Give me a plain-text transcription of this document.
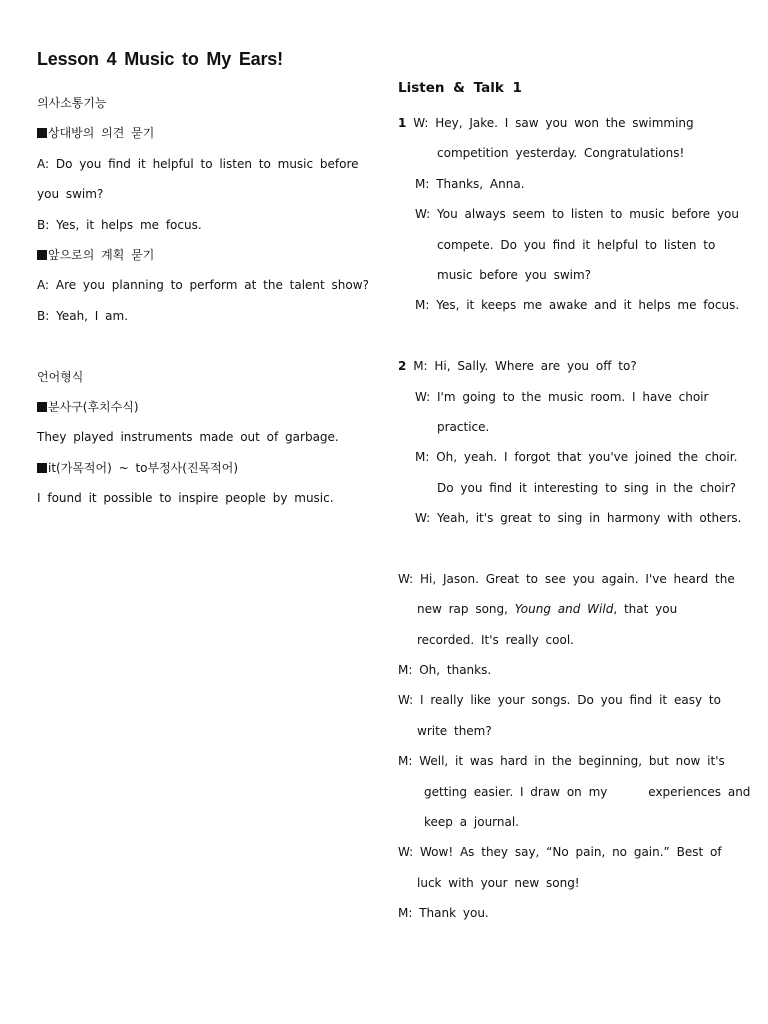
Lesson 4 Music to My Ears!
의사소통기능
상대방의 의견 묻기
A: Do you find it helpful to listen to music before
you swim?
B: Yes, it helps me focus.
앞으로의 계획 묻기
A: Are you planning to perform at the talent show?
B: Yeah, I am.
언어형식
분사구(후치수식)
They played instruments made out of garbage.
it(가목적어) ~ to부정사(진목적어)
I found it possible to inspire people by music.
Listen & Talk 1
1 W: Hey, Jake. I saw you won the swimming
competition yesterday. Congratulations!
M: Thanks, Anna.
W: You always seem to listen to music before you
compete. Do you find it helpful to listen to
music before you swim?
M: Yes, it keeps me awake and it helps me focus.
2 M: Hi, Sally. Where are you off to?
W: I'm going to the music room. I have choir
practice.
M: Oh, yeah. I forgot that you've joined the choir.
Do you find it interesting to sing in the choir?
W: Yeah, it's great to sing in harmony with others.
W: Hi, Jason. Great to see you again. I've heard the
new rap song, Young and Wild, that you
recorded. It's really cool.
M: Oh, thanks.
W: I really like your songs. Do you find it easy to
write them?
M: Well, it was hard in the beginning, but now it's
getting easier. I draw on my      experiences and
keep a journal.
W: Wow! As they say, “No pain, no gain.” Best of
luck with your new song!
M: Thank you.
